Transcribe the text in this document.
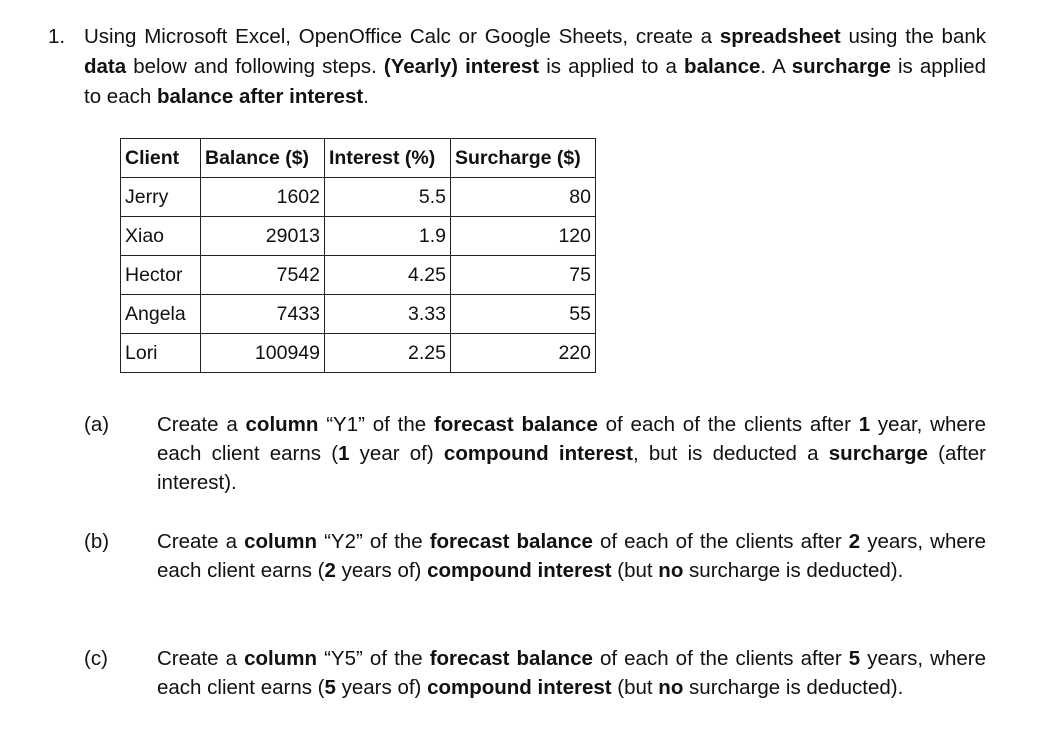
1. Using Microsoft Excel, OpenOffice Calc or Google Sheets, create a spreadsheet using the bank data below and following steps. (Yearly) interest is applied to a balance. A surcharge is applied to each balance after interest.
Client	Balance ($)	Interest (%)	Surcharge ($)
Jerry	1602	5.5	80
Xiao	29013	1.9	120
Hector	7542	4.25	75
Angela	7433	3.33	55
Lori	100949	2.25	220
(a) Create a column “Y1” of the forecast balance of each of the clients after 1 year, where each client earns (1 year of) compound interest, but is deducted a surcharge (after interest).
(b) Create a column “Y2” of the forecast balance of each of the clients after 2 years, where each client earns (2 years of) compound interest (but no surcharge is deducted).
(c) Create a column “Y5” of the forecast balance of each of the clients after 5 years, where each client earns (5 years of) compound interest (but no surcharge is deducted).
